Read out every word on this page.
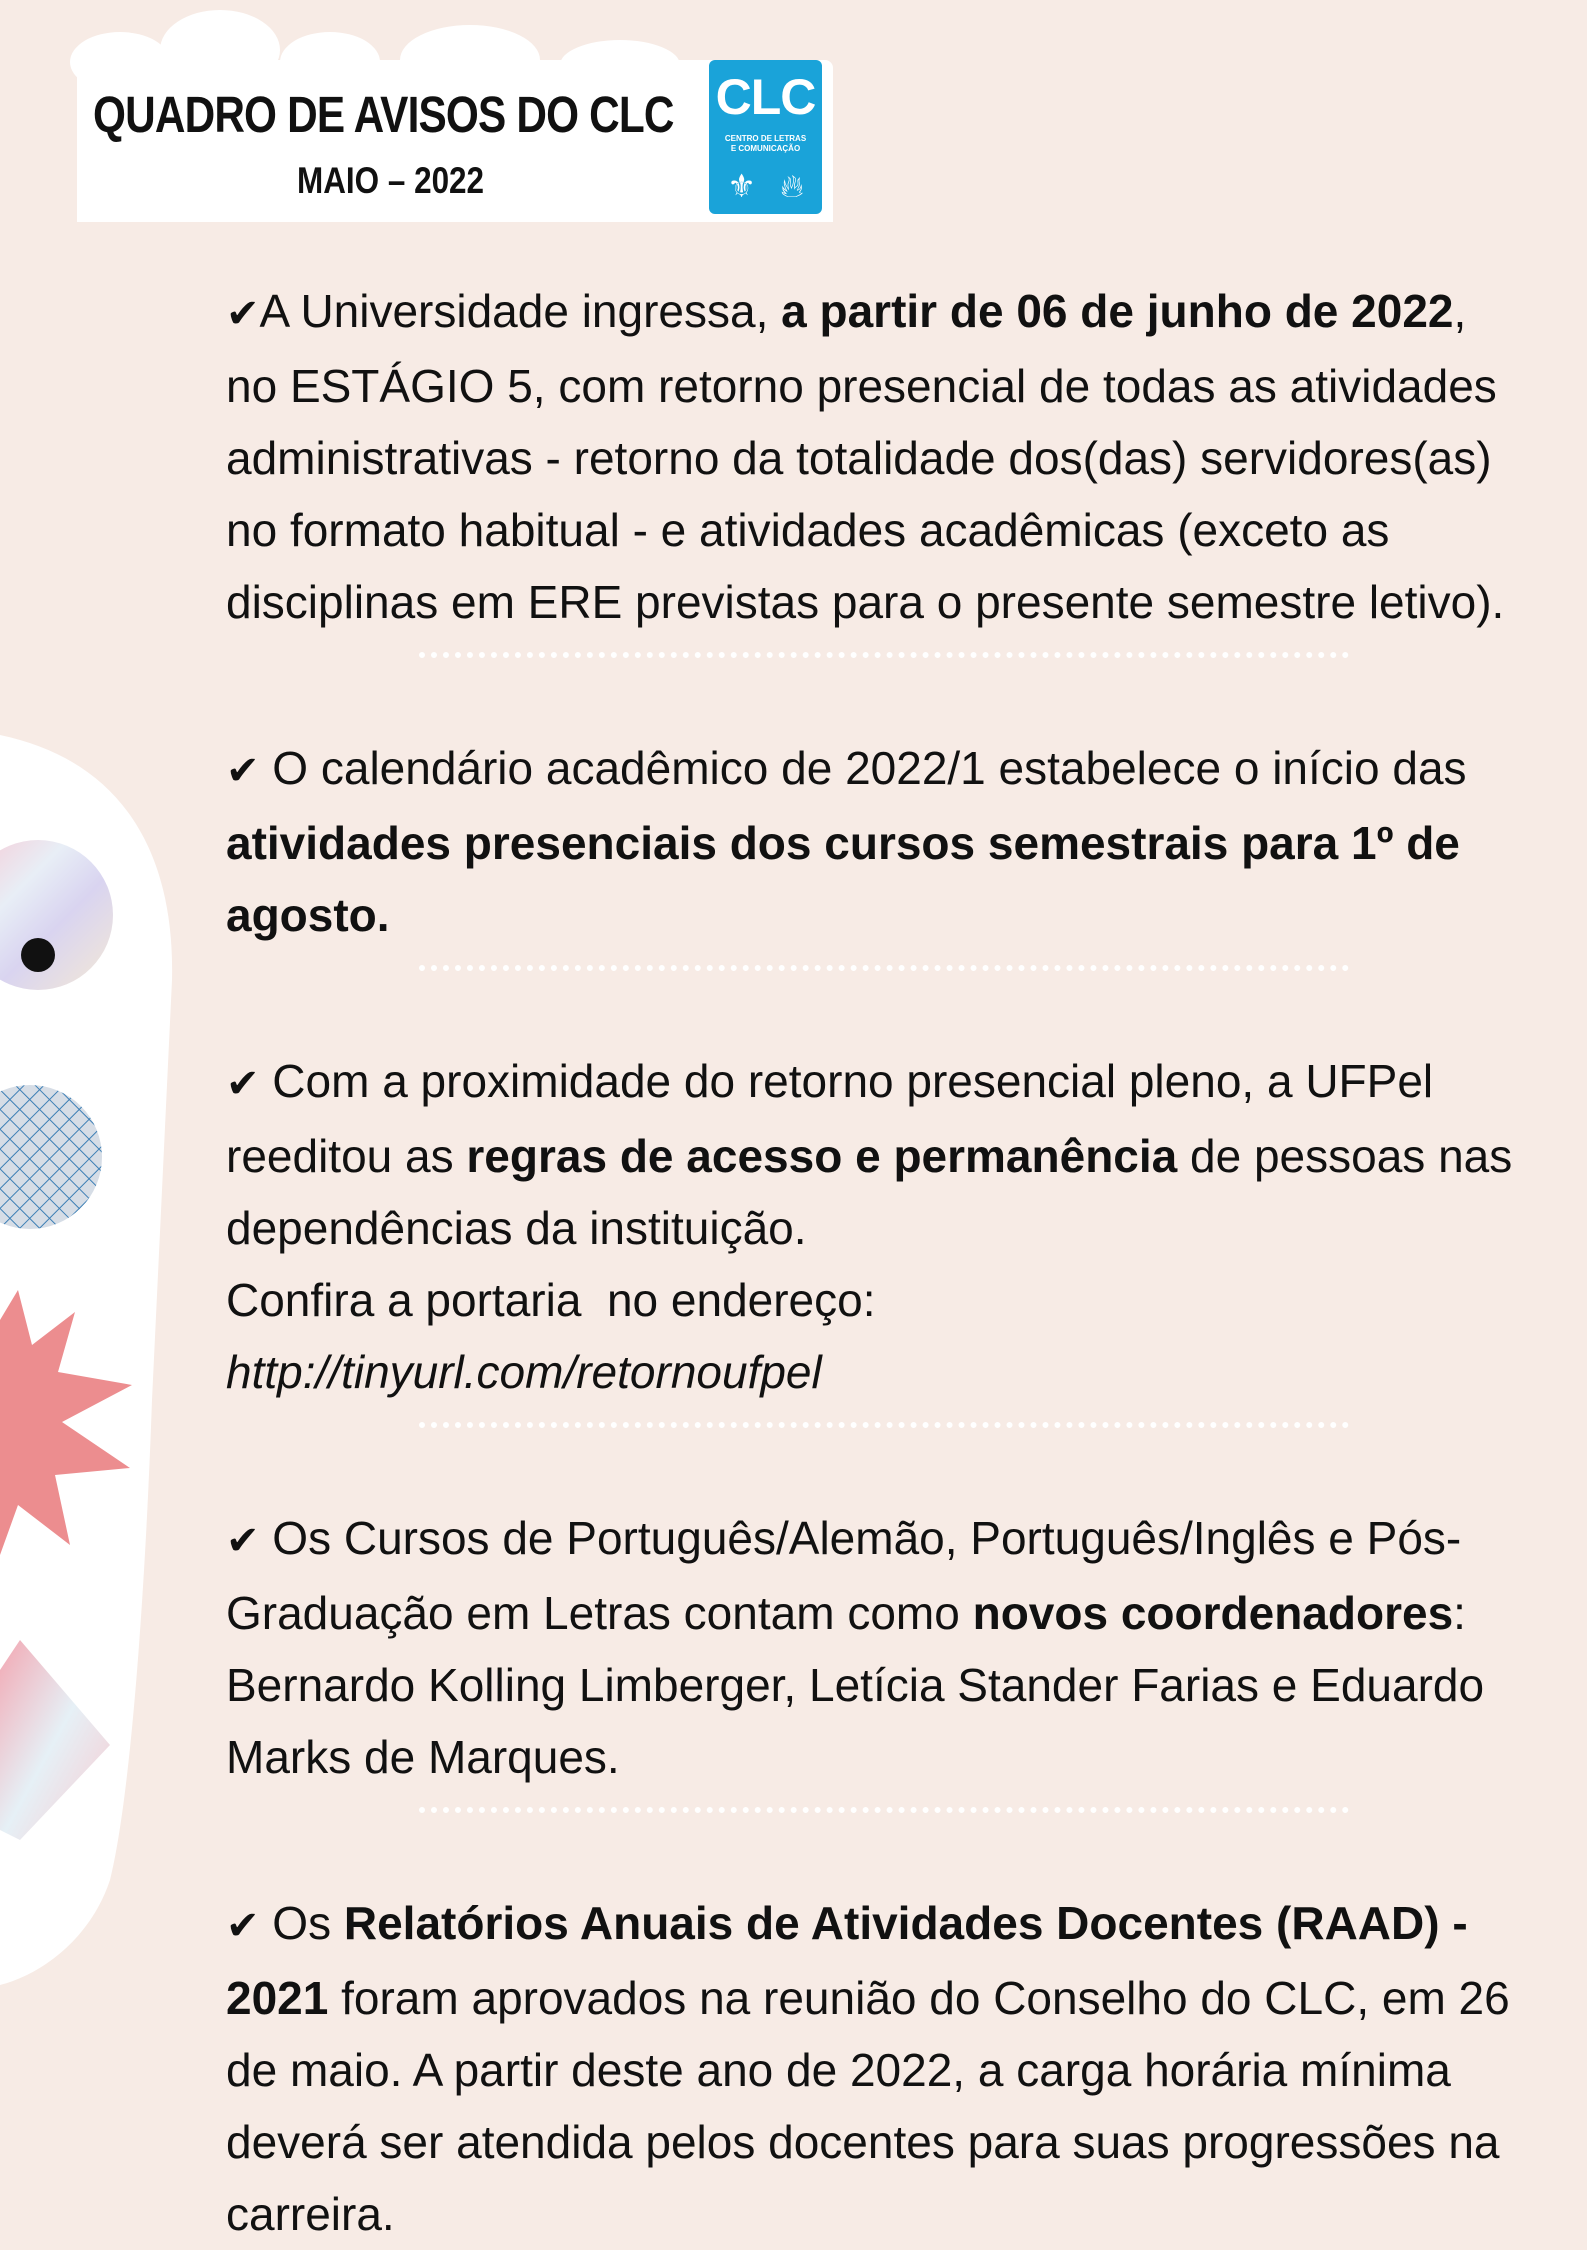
QUADRO DE AVISOS DO CLC
MAIO – 2022
CLC
CENTRO DE LETRAS
E COMUNICAÇÃO
⚜ 🔥︎

✔A Universidade ingressa, a partir de 06 de junho de 2022, no ESTÁGIO 5, com retorno presencial de todas as atividades administrativas - retorno da totalidade dos(das) servidores(as) no formato habitual - e atividades acadêmicas (exceto as disciplinas em ERE previstas para o presente semestre letivo).

✔ O calendário acadêmico de 2022/1 estabelece o início das atividades presenciais dos cursos semestrais para 1º de agosto.

✔ Com a proximidade do retorno presencial pleno, a UFPel reeditou as regras de acesso e permanência de pessoas nas dependências da instituição.
Confira a portaria  no endereço:
http://tinyurl.com/retornoufpel

✔ Os Cursos de Português/Alemão, Português/Inglês e Pós-Graduação em Letras contam como novos coordenadores: Bernardo Kolling Limberger, Letícia Stander Farias e Eduardo Marks de Marques.

✔ Os Relatórios Anuais de Atividades Docentes (RAAD) - 2021 foram aprovados na reunião do Conselho do CLC, em 26 de maio. A partir deste ano de 2022, a carga horária mínima deverá ser atendida pelos docentes para suas progressões na carreira.
